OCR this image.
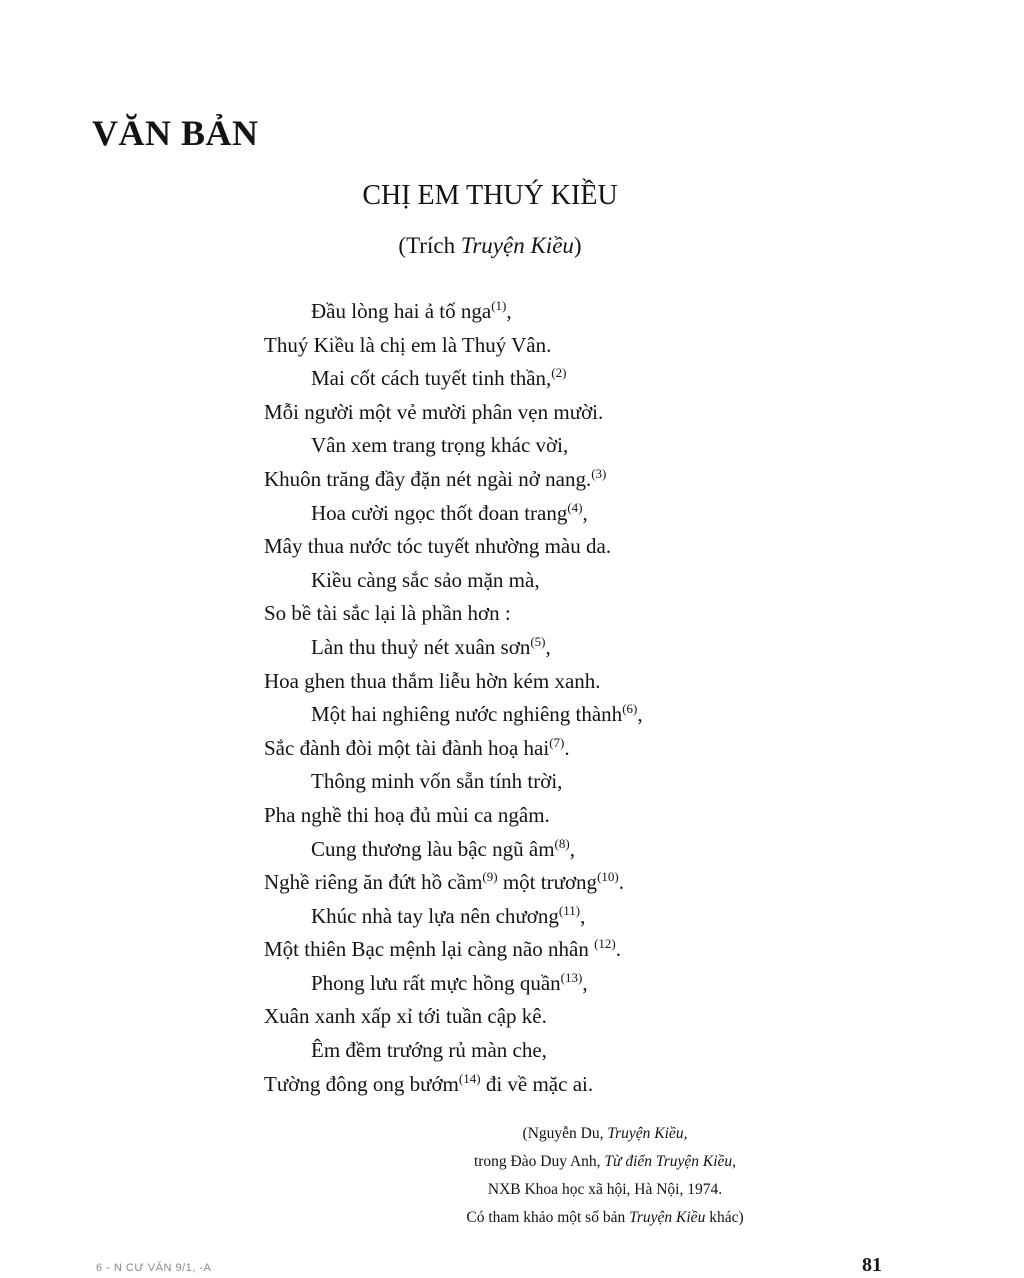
VĂN BẢN
CHỊ EM THUÝ KIỀU
(Trích Truyện Kiều)
Đầu lòng hai ả tố nga$^{(1)}$,
Thuý Kiều là chị em là Thuý Vân.
Mai cốt cách tuyết tinh thần,$^{(2)}$
Mỗi người một vẻ mười phân vẹn mười.
Vân xem trang trọng khác vời,
Khuôn trăng đầy đặn nét ngài nở nang.$^{(3)}$
Hoa cười ngọc thốt đoan trang$^{(4)}$,
Mây thua nước tóc tuyết nhường màu da.
Kiều càng sắc sảo mặn mà,
So bề tài sắc lại là phần hơn :
Làn thu thuỷ nét xuân sơn$^{(5)}$,
Hoa ghen thua thắm liễu hờn kém xanh.
Một hai nghiêng nước nghiêng thành$^{(6)}$,
Sắc đành đòi một tài đành hoạ hai$^{(7)}$.
Thông minh vốn sẵn tính trời,
Pha nghề thi hoạ đủ mùi ca ngâm.
Cung thương làu bậc ngũ $âm^{(8)}$,
Nghề riêng ăn đứt hồ cầm$^{(9)}$ một trương$^{(10)}$.
Khúc nhà tay lựa nên chương$^{(11)}$,
Một thiên Bạc mệnh lại càng não nhân $^{(12)}$.
Phong lưu rất mực hồng quần$^{(13)}$,
Xuân xanh xấp xỉ tới tuần cập kê.
Êm đềm trướng rủ màn che,
Tường đông ong bướm$^{(14)}$ đi về mặc ai.
(Nguyễn Du, Truyện Kiều,
trong Đào Duy Anh, Từ điển Truyện Kiều,
NXB Khoa học xã hội, Hà Nội, 1974.
Có tham khảo một số bản Truyện Kiều khác)
6 - N CƯ VĂN 9/1, -A	81
